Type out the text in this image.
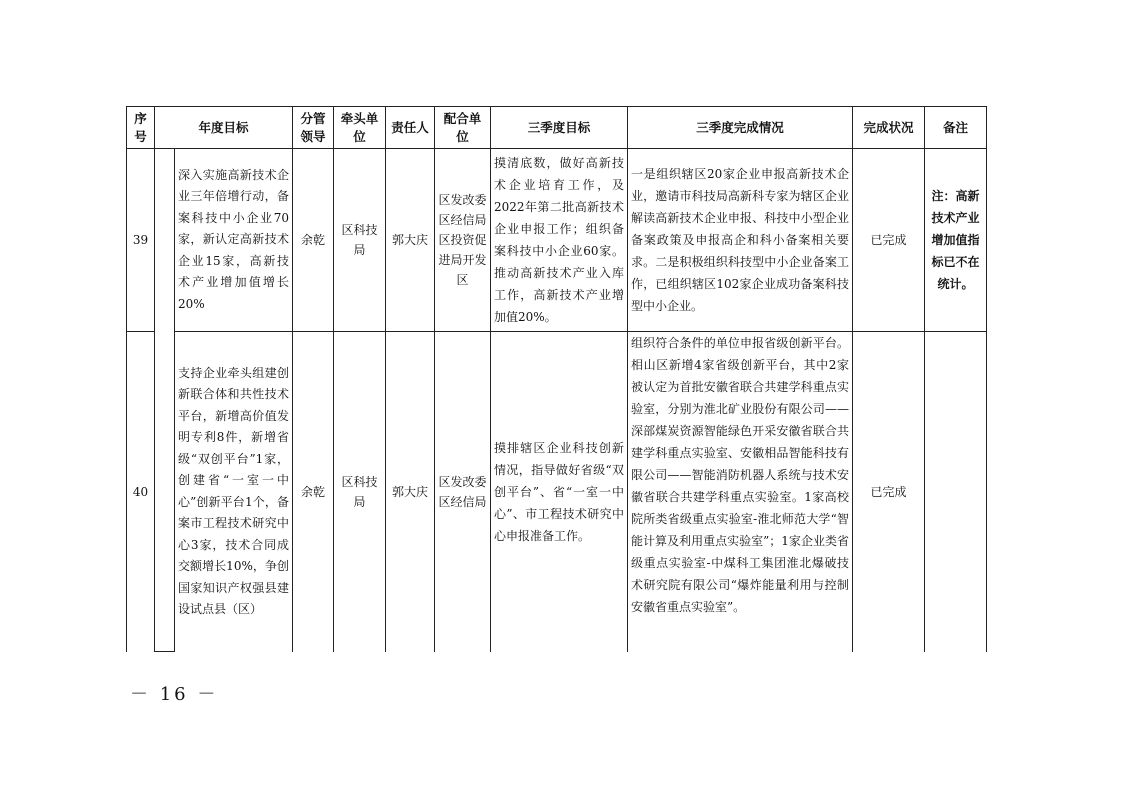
序号	年度目标		分管领导	牵头单位	责任人	配合单位	三季度目标	三季度完成情况	完成状况	备注
39		深入实施高新技术企业三年倍增行动，备案科技中小企业70家，新认定高新技术企业15家，高新技术产业增加值增长20%	余乾	区科技局	郭大庆	区发改委区经信局区投资促进局开发区	摸清底数，做好高新技术企业培育工作，及2022年第二批高新技术企业申报工作；组织备案科技中小企业60家。推动高新技术产业入库工作，高新技术产业增加值20%。	一是组织辖区20家企业申报高新技术企业，邀请市科技局高新科专家为辖区企业解读高新技术企业申报、科技中小型企业备案政策及申报高企和科小备案相关要求。二是积极组织科技型中小企业备案工作，已组织辖区102家企业成功备案科技型中小企业。	已完成	注：高新技术产业增加值指标已不在统计。
40		支持企业牵头组建创新联合体和共性技术平台，新增高价值发明专利8件，新增省级“双创平台”1家，创建省“一室一中心”创新平台1个，备案市工程技术研究中心3家，技术合同成交额增长10%，争创国家知识产权强县建设试点县（区）	余乾	区科技局	郭大庆	区发改委区经信局	摸排辖区企业科技创新情况，指导做好省级“双创平台”、省“一室一中心”、市工程技术研究中心申报准备工作。	组织符合条件的单位申报省级创新平台。相山区新增4家省级创新平台，其中2家被认定为首批安徽省联合共建学科重点实验室，分别为淮北矿业股份有限公司——深部煤炭资源智能绿色开采安徽省联合共建学科重点实验室、安徽相品智能科技有限公司——智能消防机器人系统与技术安徽省联合共建学科重点实验室。1家高校院所类省级重点实验室-淮北师范大学“智能计算及利用重点实验室”；1家企业类省级重点实验室-中煤科工集团淮北爆破技术研究院有限公司“爆炸能量利用与控制安徽省重点实验室”。	已完成	
－ 16 －
